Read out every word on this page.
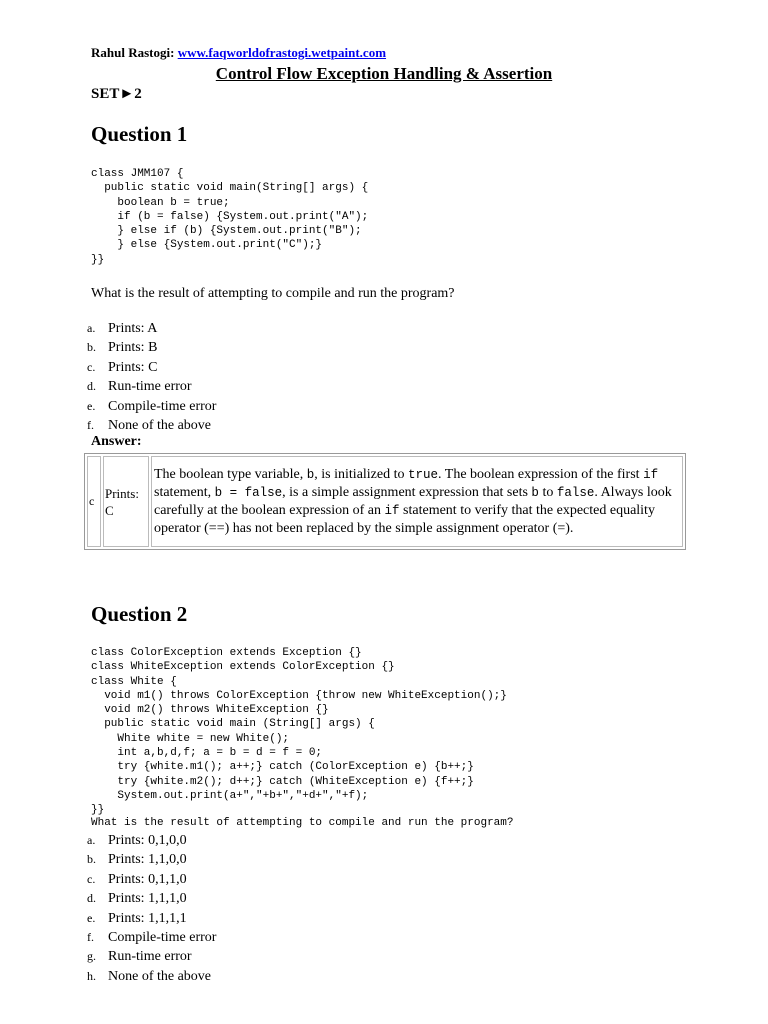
Rahul Rastogi: www.faqworldofrastogi.wetpaint.com
Control Flow Exception Handling & Assertion
SET►2
Question 1
class JMM107 {
public static void main(String[] args) {
boolean b = true;
if (b = false) {System.out.print("A");
} else if (b) {System.out.print("B");
} else {System.out.print("C");}
}}
What is the result of attempting to compile and run the program?
a. Prints: A
b. Prints: B
c. Prints: C
d. Run-time error
e. Compile-time error
f. None of the above
Answer:
c	Prints: C	The boolean type variable, b, is initialized to true. The boolean expression of the first if statement, b = false, is a simple assignment expression that sets b to false. Always look carefully at the boolean expression of an if statement to verify that the expected equality operator (==) has not been replaced by the simple assignment operator (=).
Question 2
class ColorException extends Exception {}
class WhiteException extends ColorException {}
class White {
void m1() throws ColorException {throw new WhiteException();}
void m2() throws WhiteException {}
public static void main (String[] args) {
White white = new White();
int a,b,d,f; a = b = d = f = 0;
try {white.m1(); a++;} catch (ColorException e) {b++;}
try {white.m2(); d++;} catch (WhiteException e) {f++;}
System.out.print(a+","+b+","+d+","+f);
}}
What is the result of attempting to compile and run the program?
a. Prints: 0,1,0,0
b. Prints: 1,1,0,0
c. Prints: 0,1,1,0
d. Prints: 1,1,1,0
e. Prints: 1,1,1,1
f. Compile-time error
g. Run-time error
h. None of the above
